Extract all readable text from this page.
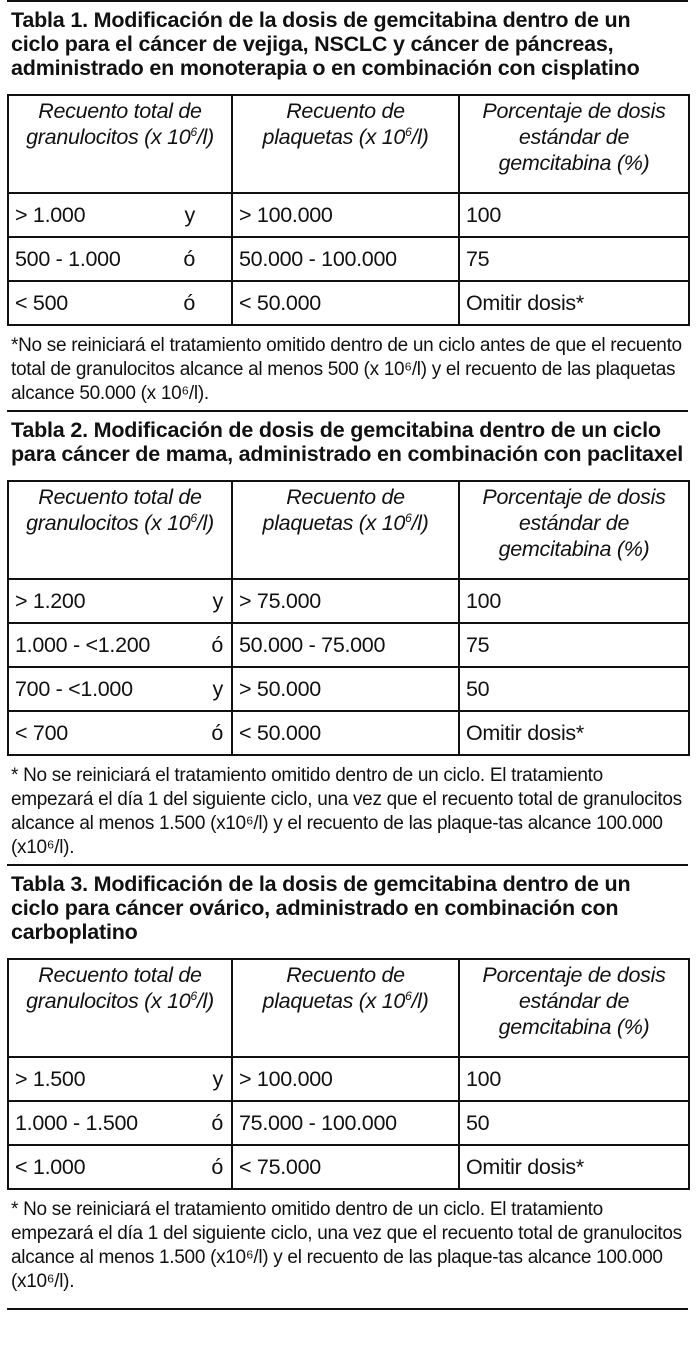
Tabla 1. Modificación de la dosis de gemcitabina dentro de un ciclo para el cáncer de vejiga, NSCLC y cáncer de páncreas, administrado en monoterapia o en combinación con cisplatino
Recuento total de
granulocitos (x $10^6/l$)	Recuento de
plaquetas (x $10^6/l$)	Porcentaje de dosis estándar de gemcitabina (%)

> 1.000 y	> 100.000	100

500 - 1.000 ó	50.000 - 100.000	75

< 500 ó	< 50.000	Omitir dosis*
*No se reiniciará el tratamiento omitido dentro de un ciclo antes de que el recuento total de granulocitos alcance al menos 500 (x 10⁶/l) y el recuento de las plaquetas alcance 50.000 (x 10⁶/l).
Tabla 2. Modificación de dosis de gemcitabina dentro de un ciclo para cáncer de mama, administrado en combinación con paclitaxel
Recuento total de
granulocitos (x $10^6/l$)	Recuento de
plaquetas (x $10^6/l$)	Porcentaje de dosis estándar de gemcitabina (%)

> 1.200 y	> 75.000	100

1.000 - <1.200 ó	50.000 - 75.000	75

700 - <1.000 y	> 50.000	50

< 700 ó	< 50.000	Omitir dosis*
* No se reiniciará el tratamiento omitido dentro de un ciclo. El tratamiento empezará el día 1 del siguiente ciclo, una vez que el recuento total de granulocitos alcance al menos 1.500 (x10⁶/l) y el recuento de las plaque-tas alcance 100.000 (x10⁶/l).
Tabla 3. Modificación de la dosis de gemcitabina dentro de un ciclo para cáncer ovárico, administrado en combinación con carboplatino
Recuento total de
granulocitos (x $10^6/l$)	Recuento de
plaquetas (x $10^6/l$)	Porcentaje de dosis estándar de gemcitabina (%)

> 1.500 y	> 100.000	100

1.000 - 1.500 ó	75.000 - 100.000	50

< 1.000 ó	< 75.000	Omitir dosis*
* No se reiniciará el tratamiento omitido dentro de un ciclo. El tratamiento empezará el día 1 del siguiente ciclo, una vez que el recuento total de granulocitos alcance al menos 1.500 (x10⁶/l) y el recuento de las plaque-tas alcance 100.000 (x10⁶/l).
